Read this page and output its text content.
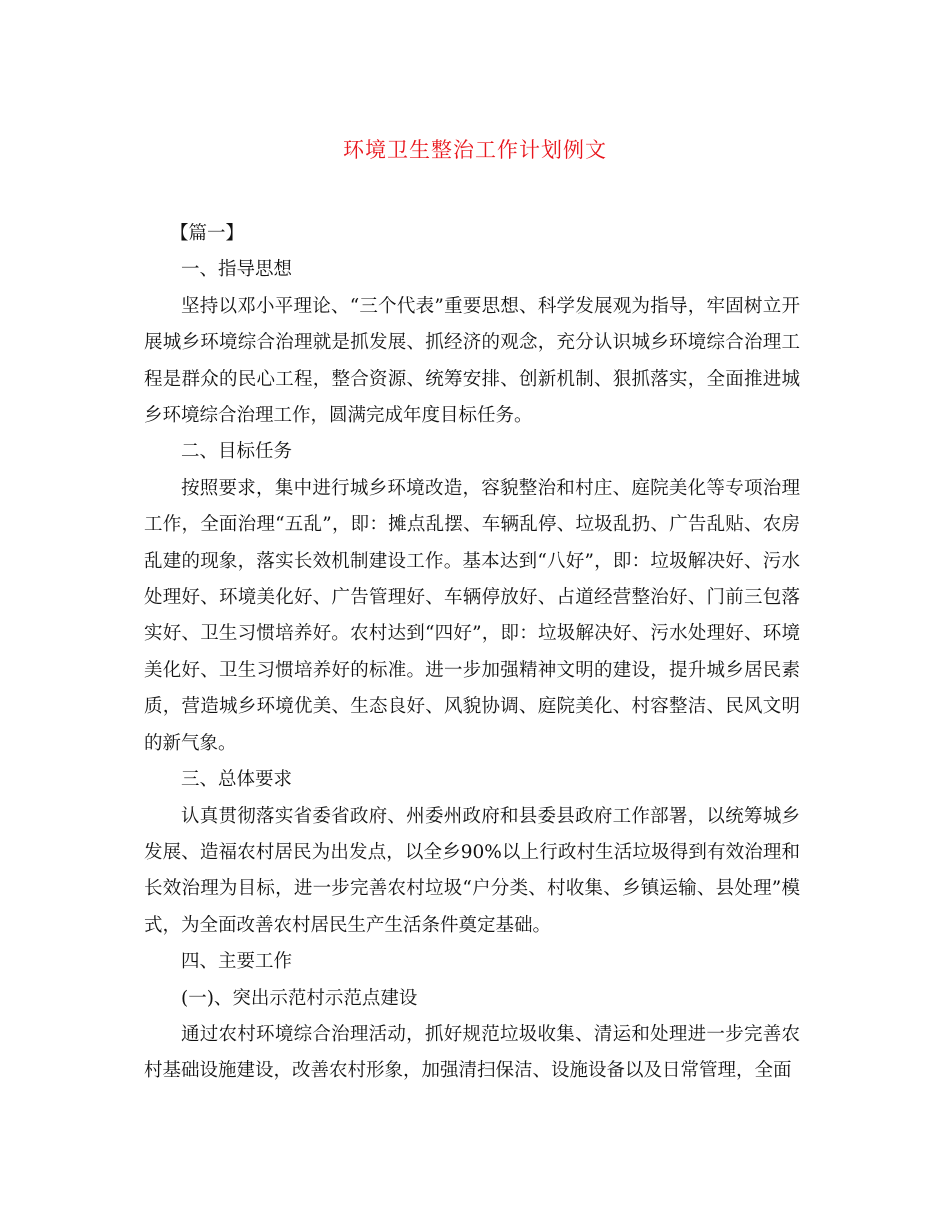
环境卫生整治工作计划例文

【篇一】

一、指导思想

坚持以邓小平理论、“三个代表”重要思想、科学发展观为指导，牢固树立开展城乡环境综合治理就是抓发展、抓经济的观念，充分认识城乡环境综合治理工程是群众的民心工程，整合资源、统筹安排、创新机制、狠抓落实，全面推进城乡环境综合治理工作，圆满完成年度目标任务。

二、目标任务

按照要求，集中进行城乡环境改造，容貌整治和村庄、庭院美化等专项治理工作，全面治理“五乱”，即：摊点乱摆、车辆乱停、垃圾乱扔、广告乱贴、农房乱建的现象，落实长效机制建设工作。基本达到“八好”，即：垃圾解决好、污水处理好、环境美化好、广告管理好、车辆停放好、占道经营整治好、门前三包落实好、卫生习惯培养好。农村达到“四好”，即：垃圾解决好、污水处理好、环境美化好、卫生习惯培养好的标准。进一步加强精神文明的建设，提升城乡居民素质，营造城乡环境优美、生态良好、风貌协调、庭院美化、村容整洁、民风文明的新气象。

三、总体要求

认真贯彻落实省委省政府、州委州政府和县委县政府工作部署，以统筹城乡发展、造福农村居民为出发点，以全乡90%以上行政村生活垃圾得到有效治理和长效治理为目标，进一步完善农村垃圾“户分类、村收集、乡镇运输、县处理”模式，为全面改善农村居民生产生活条件奠定基础。

四、主要工作

(一)、突出示范村示范点建设

通过农村环境综合治理活动，抓好规范垃圾收集、清运和处理进一步完善农村基础设施建设，改善农村形象，加强清扫保洁、设施设备以及日常管理，全面
